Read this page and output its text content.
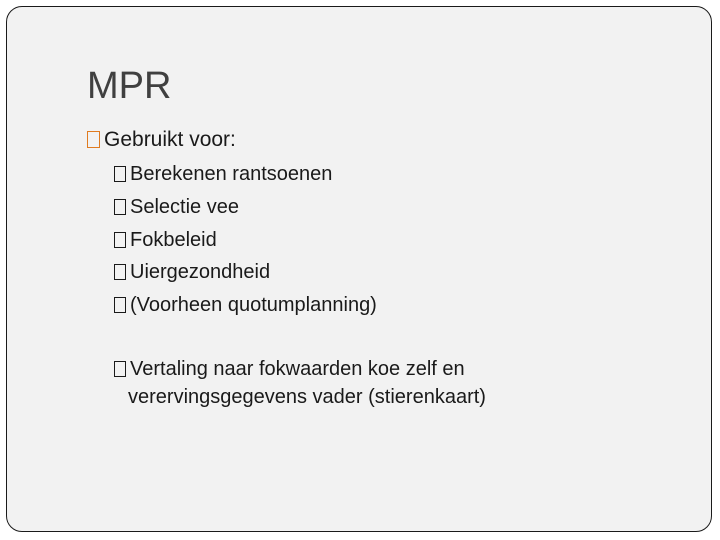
MPR
Gebruikt voor:
Berekenen rantsoenen
Selectie vee
Fokbeleid
Uiergezondheid
(Voorheen quotumplanning)
Vertaling naar fokwaarden koe zelf en
verervingsgegevens vader (stierenkaart)
